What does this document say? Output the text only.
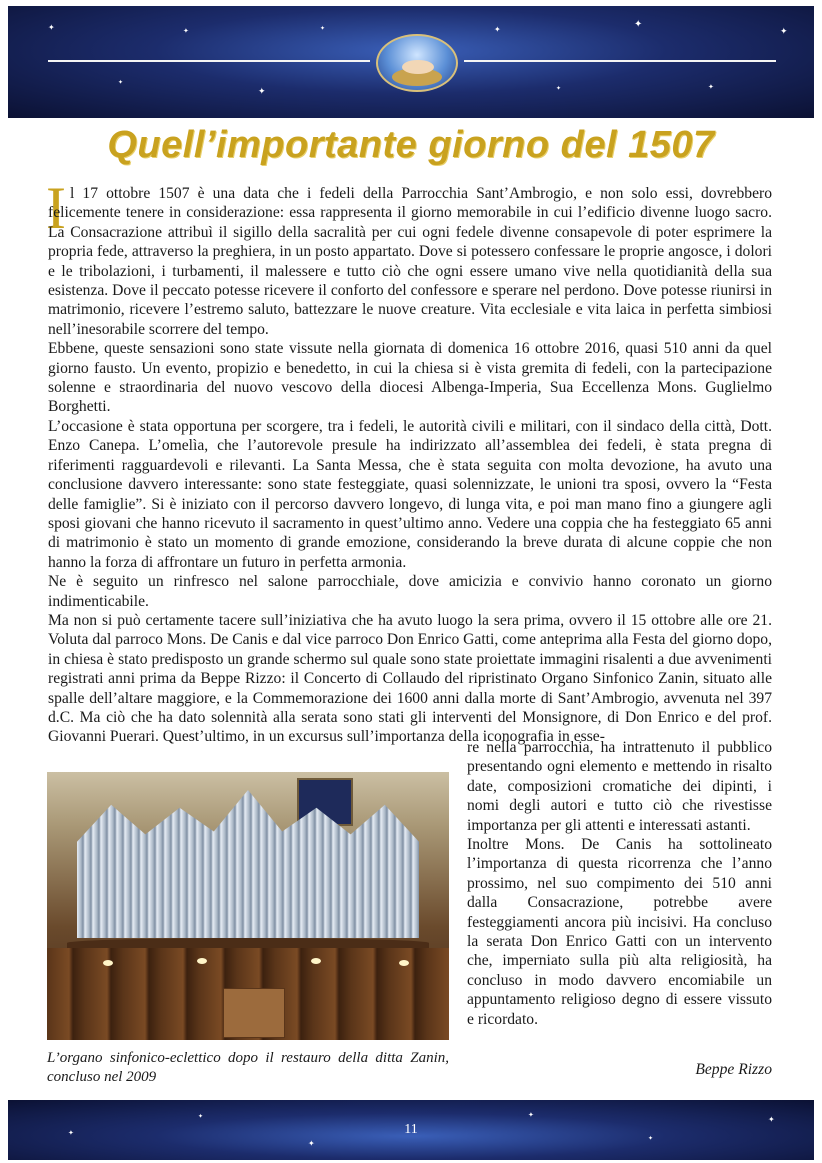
✦
✦
✦
✦
✦	✦
✦
✦
✦
✦
Quell’importante giorno del 1507
I l 17 ottobre 1507 è una data che i fedeli della Parrocchia Sant’Ambrogio, e non solo essi, dovrebbero felicemente tenere in considerazione: essa rappresenta il giorno memorabile in cui l’edificio divenne luogo sacro. La Consacrazione attribuì il sigillo della sacralità per cui ogni fedele divenne consapevole di poter esprimere la propria fede, attraverso la preghiera, in un posto appartato. Dove si potessero confessare le proprie angosce, i dolori e le tribolazioni, i turbamenti, il malessere e tutto ciò che ogni essere umano vive nella quotidianità della sua esistenza. Dove il peccato potesse ricevere il conforto del confessore e sperare nel perdono. Dove potesse riunirsi in matrimonio, ricevere l’estremo saluto, battezzare le nuove creature. Vita ecclesiale e vita laica in perfetta simbiosi nell’inesorabile scorrere del tempo.

Ebbene, queste sensazioni sono state vissute nella giornata di domenica 16 ottobre 2016, quasi 510 anni da quel giorno fausto. Un evento, propizio e benedetto, in cui la chiesa si è vista gremita di fedeli, con la partecipazione solenne e straordinaria del nuovo vescovo della diocesi Albenga-Imperia, Sua Eccellenza Mons. Guglielmo Borghetti.

L’occasione è stata opportuna per scorgere, tra i fedeli, le autorità civili e militari, con il sindaco della città, Dott. Enzo Canepa. L’omelìa, che l’autorevole presule ha indirizzato all’assemblea dei fedeli, è stata pregna di riferimenti ragguardevoli e rilevanti. La Santa Messa, che è stata seguita con molta devozione, ha avuto una conclusione davvero interessante: sono state festeggiate, quasi solennizzate, le unioni tra sposi, ovvero la “Festa delle famiglie”. Si è iniziato con il percorso davvero longevo, di lunga vita, e poi man mano fino a giungere agli sposi giovani che hanno ricevuto il sacramento in quest’ultimo anno. Vedere una coppia che ha festeggiato 65 anni di matrimonio è stato un momento di grande emozione, considerando la breve durata di alcune coppie che non hanno la forza di affrontare un futuro in perfetta armonia.

Ne è seguito un rinfresco nel salone parrocchiale, dove amicizia e convivio hanno coronato un giorno indimenticabile.

Ma non si può certamente tacere sull’iniziativa che ha avuto luogo la sera prima, ovvero il 15 ottobre alle ore 21. Voluta dal parroco Mons. De Canis e dal vice parroco Don Enrico Gatti, come anteprima alla Festa del giorno dopo, in chiesa è stato predisposto un grande schermo sul quale sono state proiettate immagini risalenti a due avvenimenti registrati anni prima da Beppe Rizzo: il Concerto di Collaudo del ripristinato Organo Sinfonico Zanin, situato alle spalle dell’altare maggiore, e la Commemorazione dei 1600 anni dalla morte di Sant’Ambrogio, avvenuta nel 397 d.C. Ma ciò che ha dato solennità alla serata sono stati gli interventi del Monsignore, di Don Enrico e del prof. Giovanni Puerari. Quest’ultimo, in un excursus sull’importanza della iconografia in esse-

re nella parrocchia, ha intrattenuto il pubblico presentando ogni elemento e mettendo in risalto date, composizioni cromatiche dei dipinti, i nomi degli autori e tutto ciò che rivestisse importanza per gli attenti e interessati astanti.

Inoltre Mons. De Canis ha sottolineato l’importanza di questa ricorrenza che l’anno prossimo, nel suo compimento dei 510 anni dalla Consacrazione, potrebbe avere festeggiamenti ancora più incisivi. Ha concluso la serata Don Enrico Gatti con un intervento che, imperniato sulla più alta religiosità, ha concluso in modo davvero encomiabile un appuntamento religioso degno di essere vissuto e ricordato.

L’organo sinfonico-eclettico dopo il restauro della ditta Zanin, concluso nel 2009	Beppe Rizzo

✦
✦
✦
✦
✦
✦
11
